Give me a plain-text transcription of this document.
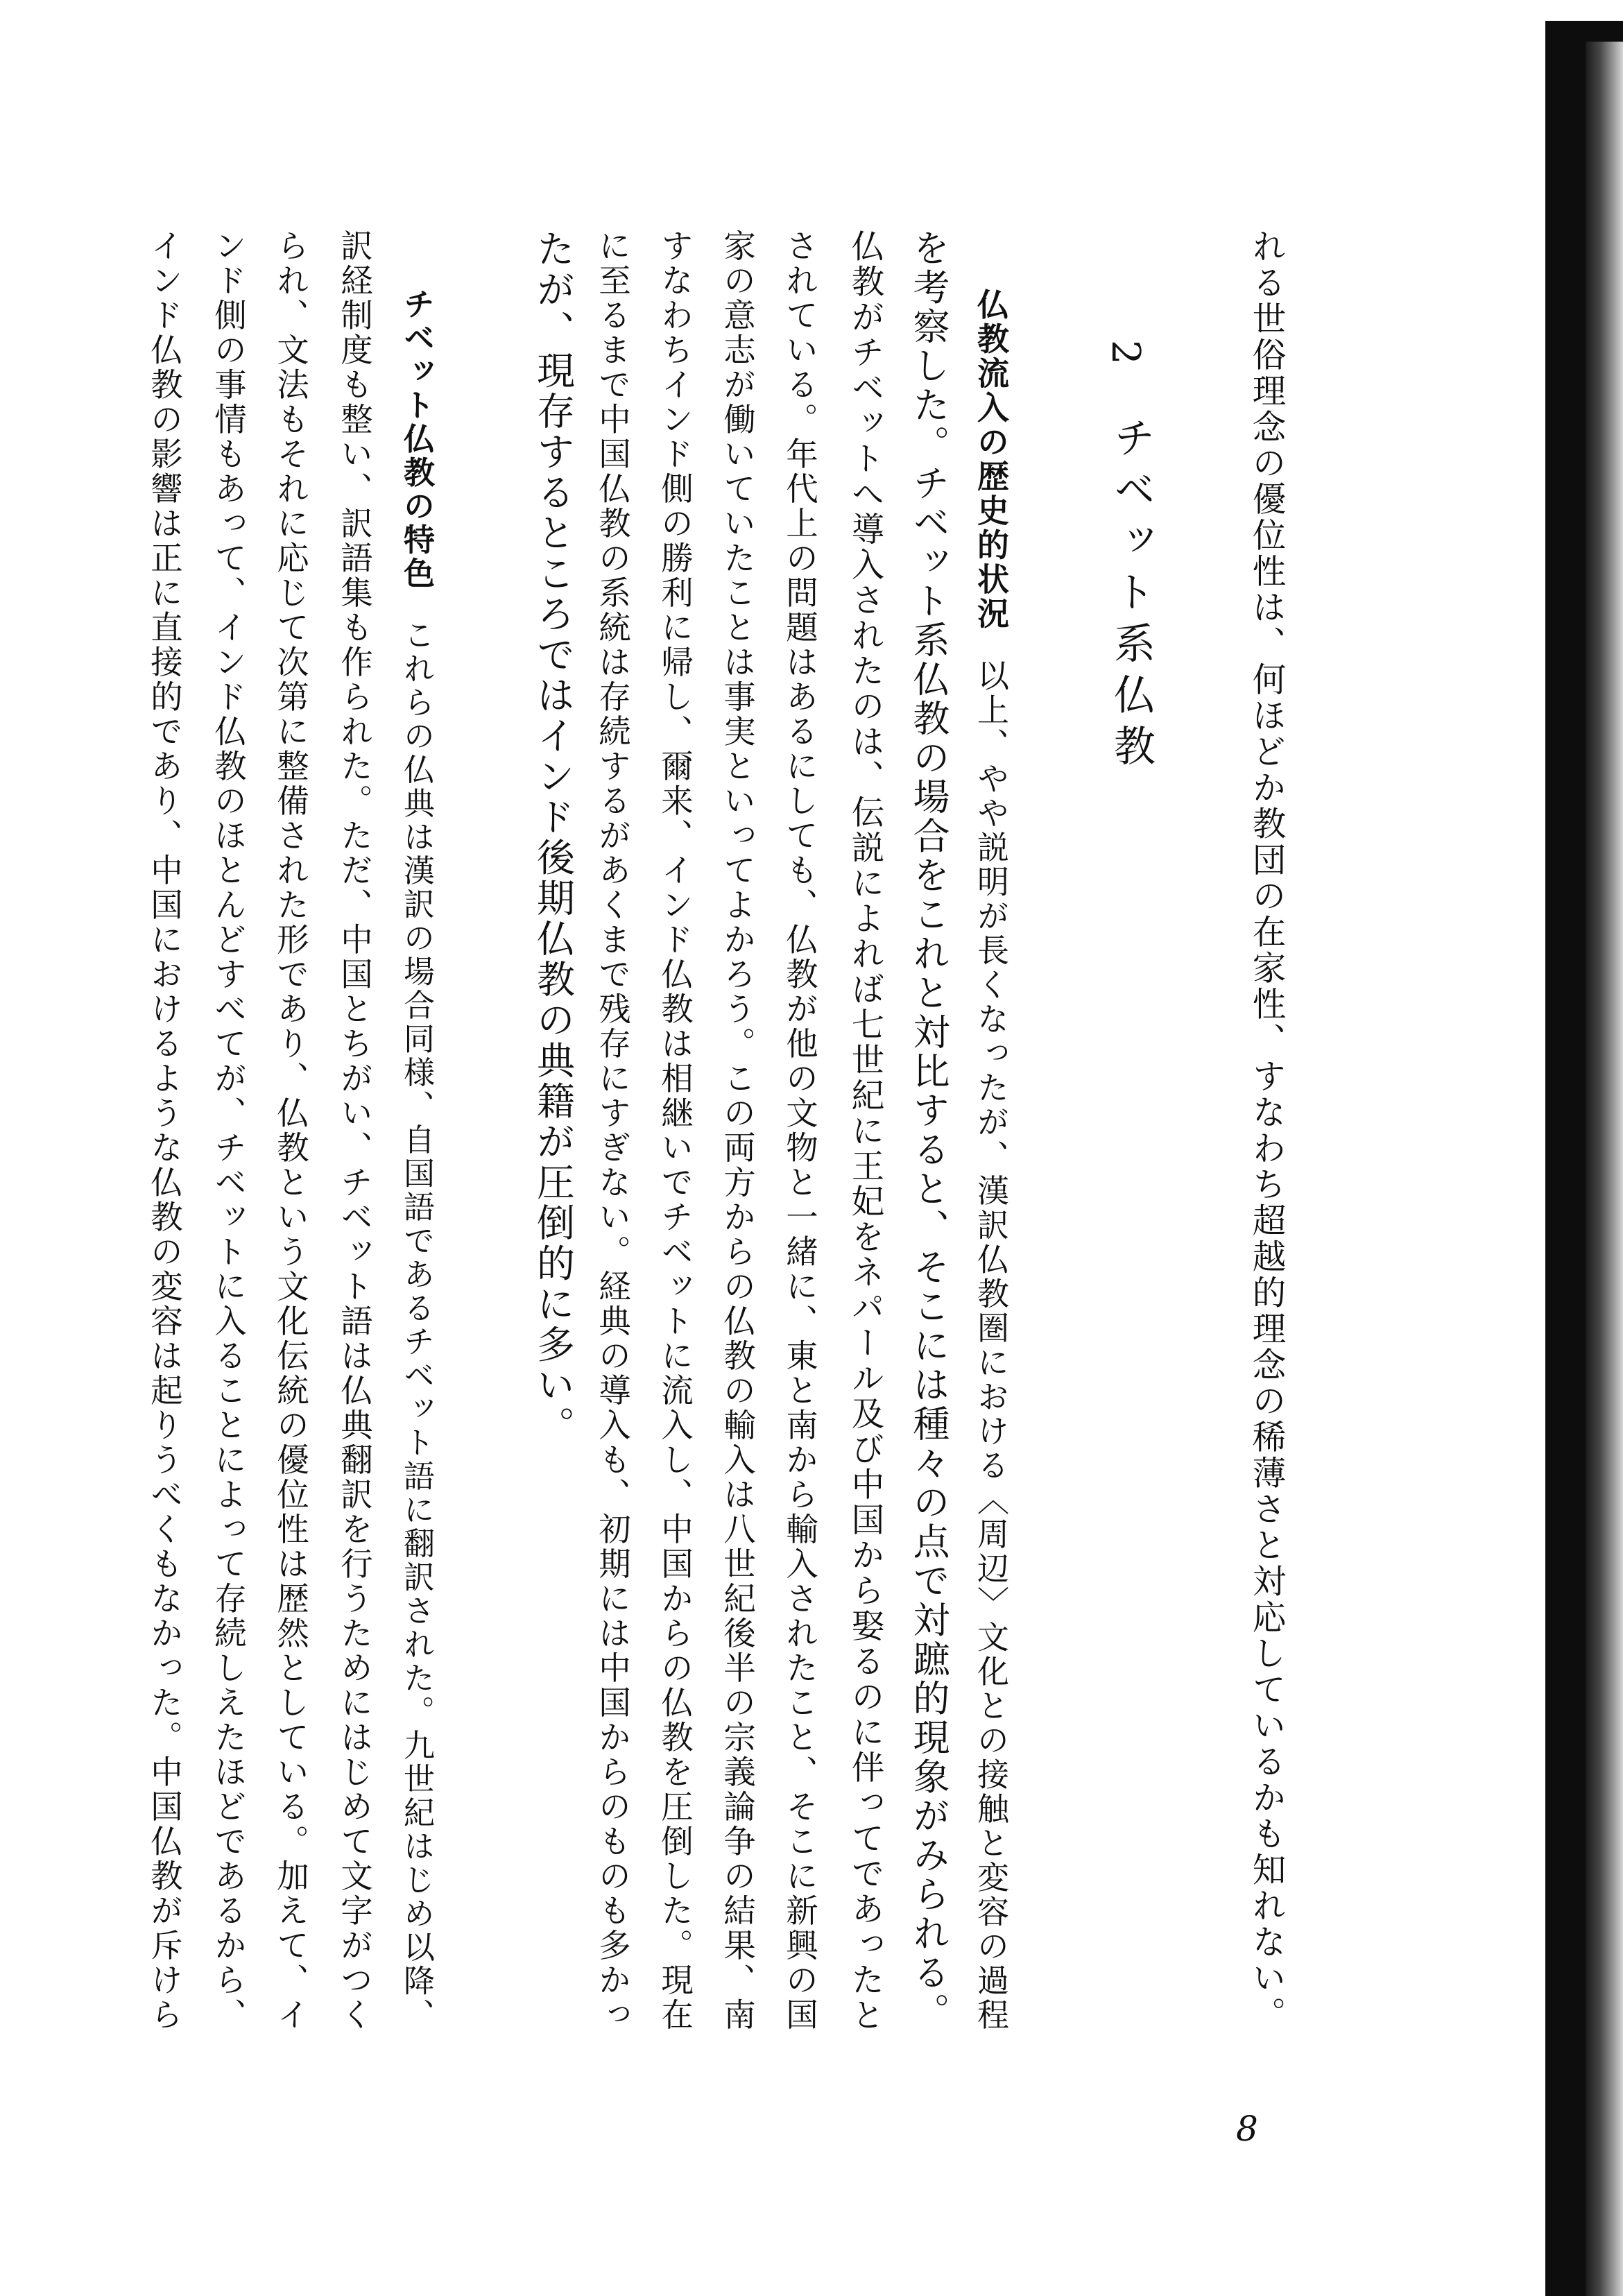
れる世俗理念の優位性は、何ほどか教団の在家性、すなわち超越的理念の稀薄さと対応しているかも知れない。
2
チベット系仏教
仏教流入の歴史的状況以上、やや説明が長くなったが、漢訳仏教圏における〈周辺〉文化との接触と変容の過程
を考察した。チベット系仏教の場合をこれと対比すると、そこには種々の点で対蹠的現象がみられる。
仏教がチベットへ導入されたのは、伝説によれば七世紀に王妃をネパール及び中国から娶るのに伴ってであったと
されている。年代上の問題はあるにしても、仏教が他の文物と一緒に、東と南から輸入されたこと、そこに新興の国
家の意志が働いていたことは事実といってよかろう。この両方からの仏教の輸入は八世紀後半の宗義論争の結果、南
すなわちインド側の勝利に帰し、爾来、インド仏教は相継いでチベットに流入し、中国からの仏教を圧倒した。現在
に至るまで中国仏教の系統は存続するがあくまで残存にすぎない。経典の導入も、初期には中国からのものも多かっ
たが、現存するところではインド後期仏教の典籍が圧倒的に多い。
チベット仏教の特色これらの仏典は漢訳の場合同様、自国語であるチベット語に翻訳された。九世紀はじめ以降、
訳経制度も整い、訳語集も作られた。ただ、中国とちがい、チベット語は仏典翻訳を行うためにはじめて文字がつく
られ、文法もそれに応じて次第に整備された形であり、仏教という文化伝統の優位性は歴然としている。加えて、イ
ンド側の事情もあって、インド仏教のほとんどすべてが、チベットに入ることによって存続しえたほどであるから、
インド仏教の影響は正に直接的であり、中国におけるような仏教の変容は起りうべくもなかった。中国仏教が斥けら
8
